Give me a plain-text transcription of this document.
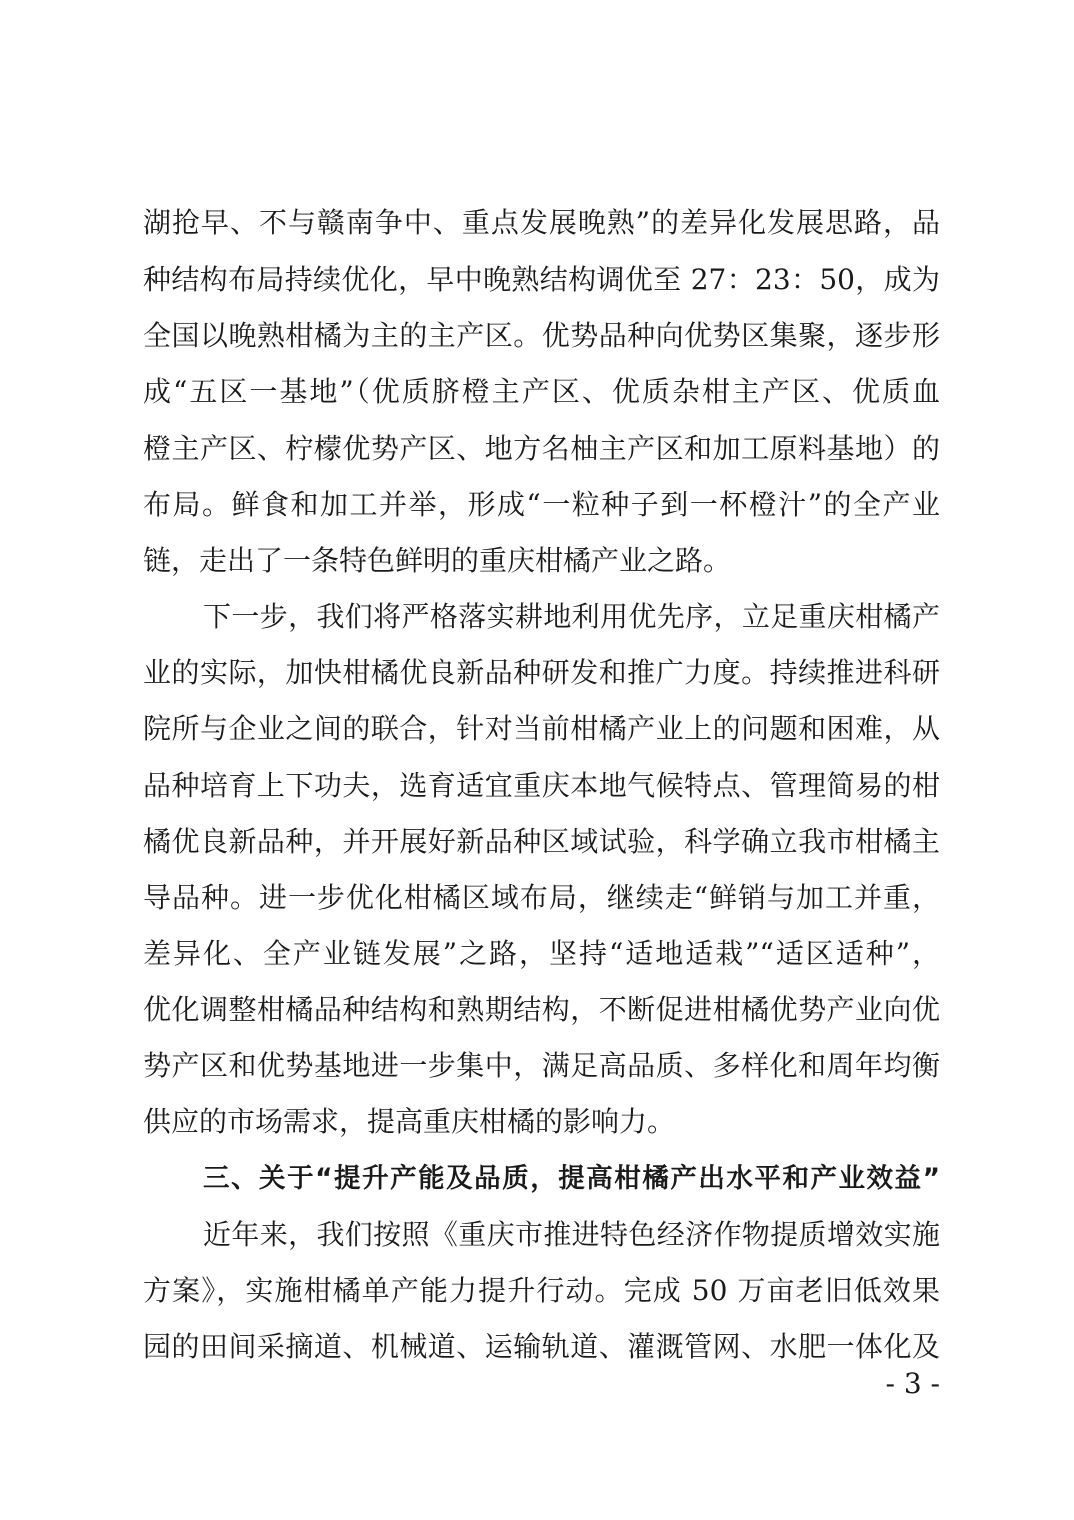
湖抢早、不与赣南争中、重点发展晚熟”的差异化发展思路，品
种结构布局持续优化，早中晚熟结构调优至 27：23：50，成为
全国以晚熟柑橘为主的主产区。优势品种向优势区集聚，逐步形
成“五区一基地”（优质脐橙主产区、优质杂柑主产区、优质血
橙主产区、柠檬优势产区、地方名柚主产区和加工原料基地）的
布局。鲜食和加工并举，形成“一粒种子到一杯橙汁”的全产业
链，走出了一条特色鲜明的重庆柑橘产业之路。
下一步，我们将严格落实耕地利用优先序，立足重庆柑橘产
业的实际，加快柑橘优良新品种研发和推广力度。持续推进科研
院所与企业之间的联合，针对当前柑橘产业上的问题和困难，从
品种培育上下功夫，选育适宜重庆本地气候特点、管理简易的柑
橘优良新品种，并开展好新品种区域试验，科学确立我市柑橘主
导品种。进一步优化柑橘区域布局，继续走“鲜销与加工并重，
差异化、全产业链发展”之路，坚持“适地适栽”“适区适种”，
优化调整柑橘品种结构和熟期结构，不断促进柑橘优势产业向优
势产区和优势基地进一步集中，满足高品质、多样化和周年均衡
供应的市场需求，提高重庆柑橘的影响力。
三、关于“提升产能及品质，提高柑橘产出水平和产业效益”
近年来，我们按照《重庆市推进特色经济作物提质增效实施
方案》，实施柑橘单产能力提升行动。完成 50 万亩老旧低效果
园的田间采摘道、机械道、运输轨道、灌溉管网、水肥一体化及
- 3 -
